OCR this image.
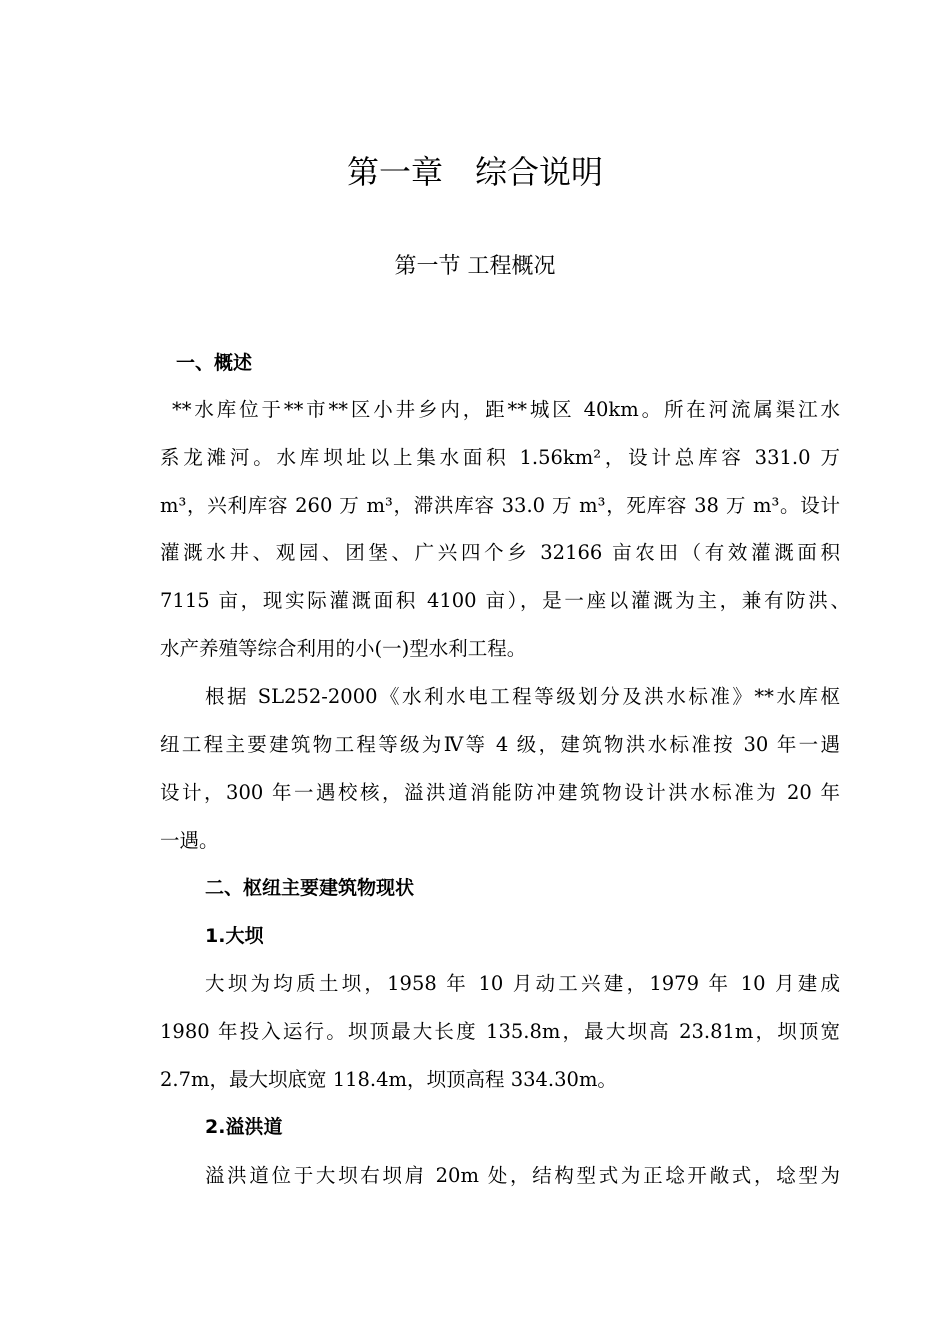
第一章　综合说明
第一节 工程概况
一、概述
**水库位于**市**区小井乡内，距**城区 40km。所在河流属渠江水
系龙滩河。水库坝址以上集水面积 1.56km²，设计总库容 331.0 万
m³，兴利库容 260 万 m³，滞洪库容 33.0 万 m³，死库容 38 万 m³。设计
灌溉水井、观园、团堡、广兴四个乡 32166 亩农田（有效灌溉面积
7115 亩，现实际灌溉面积 4100 亩），是一座以灌溉为主，兼有防洪、
水产养殖等综合利用的小(一)型水利工程。
根据 SL252-2000《水利水电工程等级划分及洪水标准》**水库枢
纽工程主要建筑物工程等级为Ⅳ等 4 级，建筑物洪水标准按 30 年一遇
设计，300 年一遇校核，溢洪道消能防冲建筑物设计洪水标准为 20 年
一遇。
二、枢纽主要建筑物现状
1.大坝
大坝为均质土坝，1958 年 10 月动工兴建，1979 年 10 月建成
1980 年投入运行。坝顶最大长度 135.8m，最大坝高 23.81m，坝顶宽
2.7m，最大坝底宽 118.4m，坝顶高程 334.30m。
2.溢洪道
溢洪道位于大坝右坝肩 20m 处，结构型式为正埝开敞式，埝型为
